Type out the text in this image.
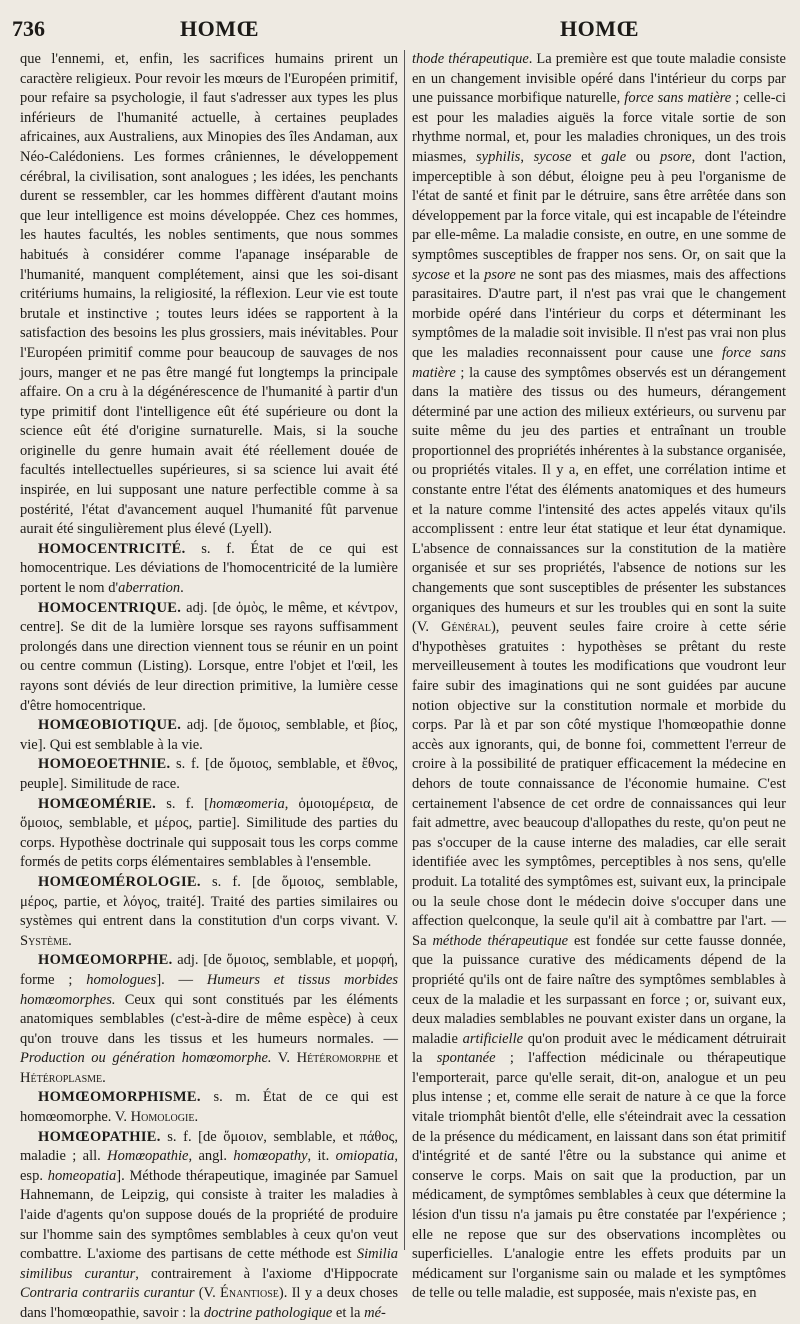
736	HOMŒ	HOMŒ

que l'ennemi, et, enfin, les sacrifices humains prirent un caractère religieux. Pour revoir les mœurs de l'Européen primitif, pour refaire sa psychologie, il faut s'adresser aux types les plus inférieurs de l'humanité actuelle, à certaines peuplades africaines, aux Australiens, aux Minopies des îles Andaman, aux Néo-Calédoniens. Les formes crâniennes, le développement cérébral, la civilisation, sont analogues ; les idées, les penchants durent se ressembler, car les hommes diffèrent d'autant moins que leur intelligence est moins développée. Chez ces hommes, les hautes facultés, les nobles sentiments, que nous sommes habitués à considérer comme l'apanage inséparable de l'humanité, manquent complétement, ainsi que les soi-disant critériums humains, la religiosité, la réflexion. Leur vie est toute brutale et instinctive ; toutes leurs idées se rapportent à la satisfaction des besoins les plus grossiers, mais inévitables. Pour l'Européen primitif comme pour beaucoup de sauvages de nos jours, manger et ne pas être mangé fut longtemps la principale affaire. On a cru à la dégénérescence de l'humanité à partir d'un type primitif dont l'intelligence eût été supérieure ou dont la science eût été d'origine surnaturelle. Mais, si la souche originelle du genre humain avait été réellement douée de facultés intellectuelles supérieures, si sa science lui avait été inspirée, en lui supposant une nature perfectible comme à sa postérité, l'état d'avancement auquel l'humanité fût parvenue aurait été singulièrement plus élevé (Lyell).

HOMOCENTRICITÉ. s. f. État de ce qui est homocentrique. Les déviations de l'homocentricité de la lumière portent le nom d'aberration.

HOMOCENTRIQUE. adj. [de ὁμὸς, le même, et κέντρον, centre]. Se dit de la lumière lorsque ses rayons suffisamment prolongés dans une direction viennent tous se réunir en un point ou centre commun (Listing). Lorsque, entre l'objet et l'œil, les rayons sont déviés de leur direction primitive, la lumière cesse d'être homocentrique.

HOMŒOBIOTIQUE. adj. [de ὅμοιος, semblable, et βίος, vie]. Qui est semblable à la vie.

HOMOEOETHNIE. s. f. [de ὅμοιος, semblable, et ἔθνος, peuple]. Similitude de race.

HOMŒOMÉRIE. s. f. [homœomeria, ὁμοιομέρεια, de ὅμοιος, semblable, et μέρος, partie]. Similitude des parties du corps. Hypothèse doctrinale qui supposait tous les corps comme formés de petits corps élémentaires semblables à l'ensemble.

HOMŒOMÉROLOGIE. s. f. [de ὅμοιος, semblable, μέρος, partie, et λόγος, traité]. Traité des parties similaires ou systèmes qui entrent dans la constitution d'un corps vivant. V. Système.

HOMŒOMORPHE. adj. [de ὅμοιος, semblable, et μορφή, forme ; homologues]. — Humeurs et tissus morbides homœomorphes. Ceux qui sont constitués par les éléments anatomiques semblables (c'est-à-dire de même espèce) à ceux qu'on trouve dans les tissus et les humeurs normales. — Production ou génération homœomorphe. V. Hétéromorphe et Hétéroplasme.

HOMŒOMORPHISME. s. m. État de ce qui est homœomorphe. V. Homologie.

HOMŒOPATHIE. s. f. [de ὅμοιον, semblable, et πάθος, maladie ; all. Homœopathie, angl. homœopathy, it. omiopatia, esp. homeopatia]. Méthode thérapeutique, imaginée par Samuel Hahnemann, de Leipzig, qui consiste à traiter les maladies à l'aide d'agents qu'on suppose doués de la propriété de produire sur l'homme sain des symptômes semblables à ceux qu'on veut combattre. L'axiome des partisans de cette méthode est Similia similibus curantur, contrairement à l'axiome d'Hippocrate Contraria contrariis curantur (V. Énantiose). Il y a deux choses dans l'homœopathie, savoir : la doctrine pathologique et la mé-

thode thérapeutique. La première est que toute maladie consiste en un changement invisible opéré dans l'intérieur du corps par une puissance morbifique naturelle, force sans matière ; celle-ci est pour les maladies aiguës la force vitale sortie de son rhythme normal, et, pour les maladies chroniques, un des trois miasmes, syphilis, sycose et gale ou psore, dont l'action, imperceptible à son début, éloigne peu à peu l'organisme de l'état de santé et finit par le détruire, sans être arrêtée dans son développement par la force vitale, qui est incapable de l'éteindre par elle-même. La maladie consiste, en outre, en une somme de symptômes susceptibles de frapper nos sens. Or, on sait que la sycose et la psore ne sont pas des miasmes, mais des affections parasitaires. D'autre part, il n'est pas vrai que le changement morbide opéré dans l'intérieur du corps et déterminant les symptômes de la maladie soit invisible. Il n'est pas vrai non plus que les maladies reconnaissent pour cause une force sans matière ; la cause des symptômes observés est un dérangement dans la matière des tissus ou des humeurs, dérangement déterminé par une action des milieux extérieurs, ou survenu par suite même du jeu des parties et entraînant un trouble proportionnel des propriétés inhérentes à la substance organisée, ou propriétés vitales. Il y a, en effet, une corrélation intime et constante entre l'état des éléments anatomiques et des humeurs et la nature comme l'intensité des actes appelés vitaux qu'ils accomplissent : entre leur état statique et leur état dynamique. L'absence de connaissances sur la constitution de la matière organisée et sur ses propriétés, l'absence de notions sur les changements que sont susceptibles de présenter les substances organiques des humeurs et sur les troubles qui en sont la suite (V. Général), peuvent seules faire croire à cette série d'hypothèses gratuites : hypothèses se prêtant du reste merveilleusement à toutes les modifications que voudront leur faire subir des imaginations qui ne sont guidées par aucune notion objective sur la constitution normale et morbide du corps. Par là et par son côté mystique l'homœopathie donne accès aux ignorants, qui, de bonne foi, commettent l'erreur de croire à la possibilité de pratiquer efficacement la médecine en dehors de toute connaissance de l'économie humaine. C'est certainement l'absence de cet ordre de connaissances qui leur fait admettre, avec beaucoup d'allopathes du reste, qu'on peut ne pas s'occuper de la cause interne des maladies, car elle serait identifiée avec les symptômes, perceptibles à nos sens, qu'elle produit. La totalité des symptômes est, suivant eux, la principale ou la seule chose dont le médecin doive s'occuper dans une affection quelconque, la seule qu'il ait à combattre par l'art. — Sa méthode thérapeutique est fondée sur cette fausse donnée, que la puissance curative des médicaments dépend de la propriété qu'ils ont de faire naître des symptômes semblables à ceux de la maladie et les surpassant en force ; or, suivant eux, deux maladies semblables ne pouvant exister dans un organe, la maladie artificielle qu'on produit avec le médicament détruirait la spontanée ; l'affection médicinale ou thérapeutique l'emporterait, parce qu'elle serait, dit-on, analogue et un peu plus intense ; et, comme elle serait de nature à ce que la force vitale triomphât bientôt d'elle, elle s'éteindrait avec la cessation de la présence du médicament, en laissant dans son état primitif d'intégrité et de santé l'être ou la substance qui anime et conserve le corps. Mais on sait que la production, par un médicament, de symptômes semblables à ceux que détermine la lésion d'un tissu n'a jamais pu être constatée par l'expérience ; elle ne repose que sur des observations incomplètes ou superficielles. L'analogie entre les effets produits par un médicament sur l'organisme sain ou malade et les symptômes de telle ou telle maladie, est supposée, mais n'existe pas, en
